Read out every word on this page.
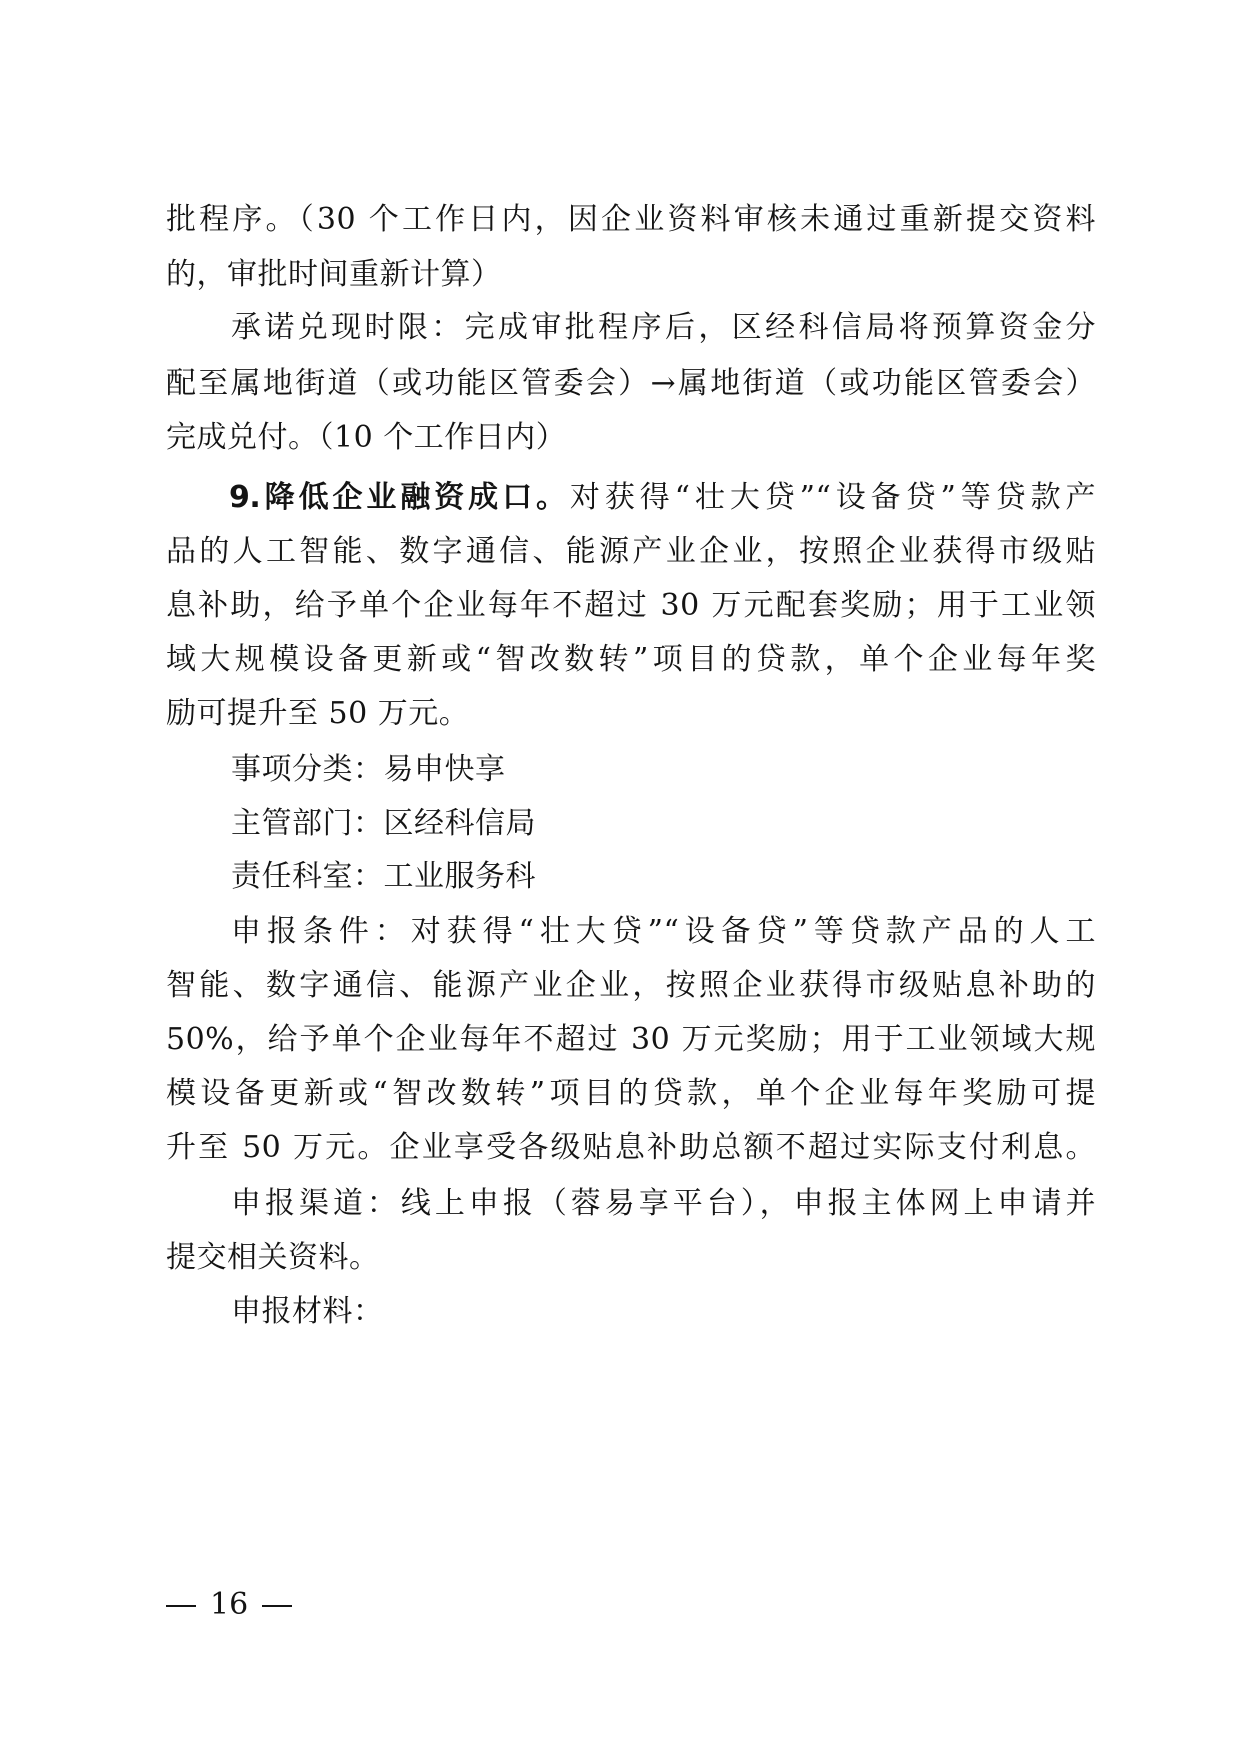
批程序。（30 个工作日内，因企业资料审核未通过重新提交资料
的，审批时间重新计算）
承诺兑现时限：完成审批程序后，区经科信局将预算资金分
配至属地街道（或功能区管委会）→属地街道（或功能区管委会）
完成兑付。（10 个工作日内）
9.降低企业融资成口。对获得“壮大贷”“设备贷”等贷款产
品的人工智能、数字通信、能源产业企业，按照企业获得市级贴
息补助，给予单个企业每年不超过 30 万元配套奖励；用于工业领
域大规模设备更新或“智改数转”项目的贷款，单个企业每年奖
励可提升至 50 万元。
事项分类：易申快享
主管部门：区经科信局
责任科室：工业服务科
申报条件：对获得“壮大贷”“设备贷”等贷款产品的人工
智能、数字通信、能源产业企业，按照企业获得市级贴息补助的
50%，给予单个企业每年不超过 30 万元奖励；用于工业领域大规
模设备更新或“智改数转”项目的贷款，单个企业每年奖励可提
升至 50 万元。企业享受各级贴息补助总额不超过实际支付利息。
申报渠道：线上申报（蓉易享平台），申报主体网上申请并
提交相关资料。
申报材料：
16
